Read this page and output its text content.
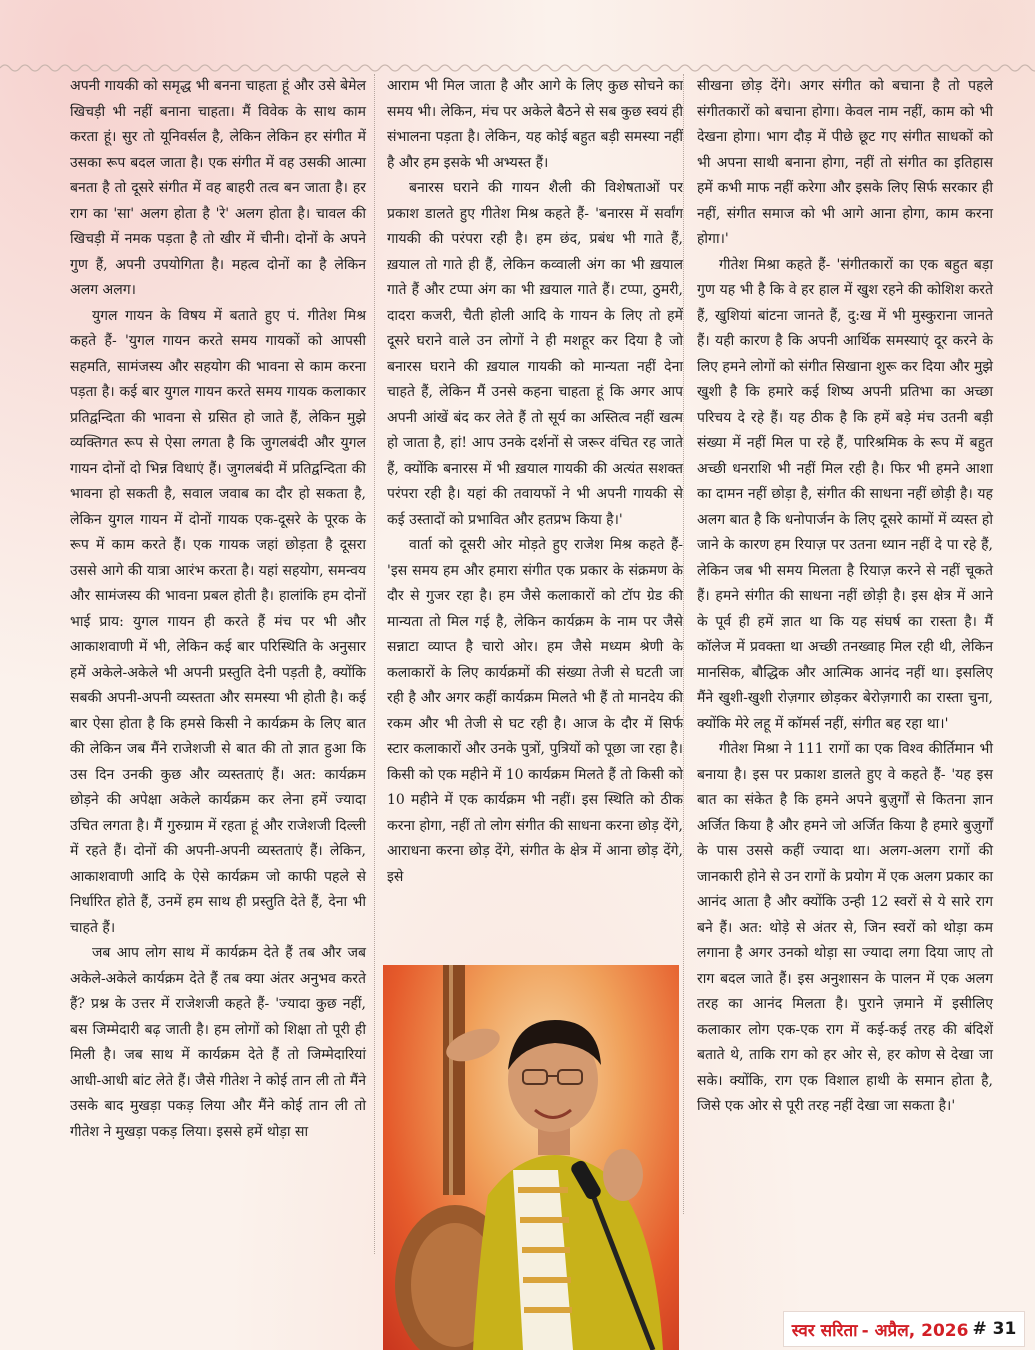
अपनी गायकी को समृद्ध भी बनना चाहता हूं और उसे बेमेल खिचड़ी भी नहीं बनाना चाहता। मैं विवेक के साथ काम करता हूं। सुर तो यूनिवर्सल है, लेकिन लेकिन हर संगीत में उसका रूप बदल जाता है। एक संगीत में वह उसकी आत्मा बनता है तो दूसरे संगीत में वह बाहरी तत्व बन जाता है। हर राग का 'सा' अलग होता है 'रे' अलग होता है। चावल की खिचड़ी में नमक पड़ता है तो खीर में चीनी। दोनों के अपने गुण हैं, अपनी उपयोगिता है। महत्व दोनों का है लेकिन अलग अलग।

युगल गायन के विषय में बताते हुए पं. गीतेश मिश्र कहते हैं- 'युगल गायन करते समय गायकों को आपसी सहमति, सामंजस्य और सहयोग की भावना से काम करना पड़ता है। कई बार युगल गायन करते समय गायक कलाकार प्रतिद्वन्दिता की भावना से ग्रसित हो जाते हैं, लेकिन मुझे व्यक्तिगत रूप से ऐसा लगता है कि जुगलबंदी और युगल गायन दोनों दो भिन्न विधाएं हैं। जुगलबंदी में प्रतिद्वन्दिता की भावना हो सकती है, सवाल जवाब का दौर हो सकता है, लेकिन युगल गायन में दोनों गायक एक-दूसरे के पूरक के रूप में काम करते हैं। एक गायक जहां छोड़ता है दूसरा उससे आगे की यात्रा आरंभ करता है। यहां सहयोग, समन्वय और सामंजस्य की भावना प्रबल होती है। हालांकि हम दोनों भाई प्राय: युगल गायन ही करते हैं मंच पर भी और आकाशवाणी में भी, लेकिन कई बार परिस्थिति के अनुसार हमें अकेले-अकेले भी अपनी प्रस्तुति देनी पड़ती है, क्योंकि सबकी अपनी-अपनी व्यस्तता और समस्या भी होती है। कई बार ऐसा होता है कि हमसे किसी ने कार्यक्रम के लिए बात की लेकिन जब मैंने राजेशजी से बात की तो ज्ञात हुआ कि उस दिन उनकी कुछ और व्यस्तताएं हैं। अत: कार्यक्रम छोड़ने की अपेक्षा अकेले कार्यक्रम कर लेना हमें ज्यादा उचित लगता है। मैं गुरुग्राम में रहता हूं और राजेशजी दिल्ली में रहते हैं। दोनों की अपनी-अपनी व्यस्तताएं हैं। लेकिन, आकाशवाणी आदि के ऐसे कार्यक्रम जो काफी पहले से निर्धारित होते हैं, उनमें हम साथ ही प्रस्तुति देते हैं, देना भी चाहते हैं।

जब आप लोग साथ में कार्यक्रम देते हैं तब और जब अकेले-अकेले कार्यक्रम देते हैं तब क्या अंतर अनुभव करते हैं? प्रश्न के उत्तर में राजेशजी कहते हैं- 'ज्यादा कुछ नहीं, बस जिम्मेदारी बढ़ जाती है। हम लोगों को शिक्षा तो पूरी ही मिली है। जब साथ में कार्यक्रम देते हैं तो जिम्मेदारियां आधी-आधी बांट लेते हैं। जैसे गीतेश ने कोई तान ली तो मैंने उसके बाद मुखड़ा पकड़ लिया और मैंने कोई तान ली तो गीतेश ने मुखड़ा पकड़ लिया। इससे हमें थोड़ा सा

आराम भी मिल जाता है और आगे के लिए कुछ सोचने का समय भी। लेकिन, मंच पर अकेले बैठने से सब कुछ स्वयं ही संभालना पड़ता है। लेकिन, यह कोई बहुत बड़ी समस्या नहीं है और हम इसके भी अभ्यस्त हैं।

बनारस घराने की गायन शैली की विशेषताओं पर प्रकाश डालते हुए गीतेश मिश्र कहते हैं- 'बनारस में सर्वांग गायकी की परंपरा रही है। हम छंद, प्रबंध भी गाते हैं, ख़याल तो गाते ही हैं, लेकिन कव्वाली अंग का भी ख़याल गाते हैं और टप्पा अंग का भी ख़याल गाते हैं। टप्पा, ठुमरी, दादरा कजरी, चैती होली आदि के गायन के लिए तो हमें दूसरे घराने वाले उन लोगों ने ही मशहूर कर दिया है जो बनारस घराने की ख़याल गायकी को मान्यता नहीं देना चाहते हैं, लेकिन मैं उनसे कहना चाहता हूं कि अगर आप अपनी आंखें बंद कर लेते हैं तो सूर्य का अस्तित्व नहीं खत्म हो जाता है, हां! आप उनके दर्शनों से जरूर वंचित रह जाते हैं, क्योंकि बनारस में भी ख़याल गायकी की अत्यंत सशक्त परंपरा रही है। यहां की तवायफों ने भी अपनी गायकी से कई उस्तादों को प्रभावित और हतप्रभ किया है।'

वार्ता को दूसरी ओर मोड़ते हुए राजेश मिश्र कहते हैं- 'इस समय हम और हमारा संगीत एक प्रकार के संक्रमण के दौर से गुजर रहा है। हम जैसे कलाकारों को टॉप ग्रेड की मान्यता तो मिल गई है, लेकिन कार्यक्रम के नाम पर जैसे सन्नाटा व्याप्त है चारो ओर। हम जैसे मध्यम श्रेणी के कलाकारों के लिए कार्यक्रमों की संख्या तेजी से घटती जा रही है और अगर कहीं कार्यक्रम मिलते भी हैं तो मानदेय की रकम और भी तेजी से घट रही है। आज के दौर में सिर्फ स्टार कलाकारों और उनके पुत्रों, पुत्रियों को पूछा जा रहा है। किसी को एक महीने में 10 कार्यक्रम मिलते हैं तो किसी को 10 महीने में एक कार्यक्रम भी नहीं। इस स्थिति को ठीक करना होगा, नहीं तो लोग संगीत की साधना करना छोड़ देंगे, आराधना करना छोड़ देंगे, संगीत के क्षेत्र में आना छोड़ देंगे, इसे

सीखना छोड़ देंगे। अगर संगीत को बचाना है तो पहले संगीतकारों को बचाना होगा। केवल नाम नहीं, काम को भी देखना होगा। भाग दौड़ में पीछे छूट गए संगीत साधकों को भी अपना साथी बनाना होगा, नहीं तो संगीत का इतिहास हमें कभी माफ नहीं करेगा और इसके लिए सिर्फ सरकार ही नहीं, संगीत समाज को भी आगे आना होगा, काम करना होगा।'

गीतेश मिश्रा कहते हैं- 'संगीतकारों का एक बहुत बड़ा गुण यह भी है कि वे हर हाल में खुश रहने की कोशिश करते हैं, खुशियां बांटना जानते हैं, दु:ख में भी मुस्कुराना जानते हैं। यही कारण है कि अपनी आर्थिक समस्याएं दूर करने के लिए हमने लोगों को संगीत सिखाना शुरू कर दिया और मुझे खुशी है कि हमारे कई शिष्य अपनी प्रतिभा का अच्छा परिचय दे रहे हैं। यह ठीक है कि हमें बड़े मंच उतनी बड़ी संख्या में नहीं मिल पा रहे हैं, पारिश्रमिक के रूप में बहुत अच्छी धनराशि भी नहीं मिल रही है। फिर भी हमने आशा का दामन नहीं छोड़ा है, संगीत की साधना नहीं छोड़ी है। यह अलग बात है कि धनोपार्जन के लिए दूसरे कामों में व्यस्त हो जाने के कारण हम रियाज़ पर उतना ध्यान नहीं दे पा रहे हैं, लेकिन जब भी समय मिलता है रियाज़ करने से नहीं चूकते हैं। हमने संगीत की साधना नहीं छोड़ी है। इस क्षेत्र में आने के पूर्व ही हमें ज्ञात था कि यह संघर्ष का रास्ता है। मैं कॉलेज में प्रवक्ता था अच्छी तनख्वाह मिल रही थी, लेकिन मानसिक, बौद्धिक और आत्मिक आनंद नहीं था। इसलिए मैंने खुशी-खुशी रोज़गार छोड़कर बेरोज़गारी का रास्ता चुना, क्योंकि मेरे लहू में कॉमर्स नहीं, संगीत बह रहा था।'

गीतेश मिश्रा ने 111 रागों का एक विश्व कीर्तिमान भी बनाया है। इस पर प्रकाश डालते हुए वे कहते हैं- 'यह इस बात का संकेत है कि हमने अपने बुज़ुर्गों से कितना ज्ञान अर्जित किया है और हमने जो अर्जित किया है हमारे बुज़ुर्गों के पास उससे कहीं ज्यादा था। अलग-अलग रागों की जानकारी होने से उन रागों के प्रयोग में एक अलग प्रकार का आनंद आता है और क्योंकि उन्ही 12 स्वरों से ये सारे राग बने हैं। अत: थोड़े से अंतर से, जिन स्वरों को थोड़ा कम लगाना है अगर उनको थोड़ा सा ज्यादा लगा दिया जाए तो राग बदल जाते हैं। इस अनुशासन के पालन में एक अलग तरह का आनंद मिलता है। पुराने ज़माने में इसीलिए कलाकार लोग एक-एक राग में कई-कई तरह की बंदिशें बताते थे, ताकि राग को हर ओर से, हर कोण से देखा जा सके। क्योंकि, राग एक विशाल हाथी के समान होता है, जिसे एक ओर से पूरी तरह नहीं देखा जा सकता है।'

स्वर सरिता - अप्रैल, 2026 # 31
